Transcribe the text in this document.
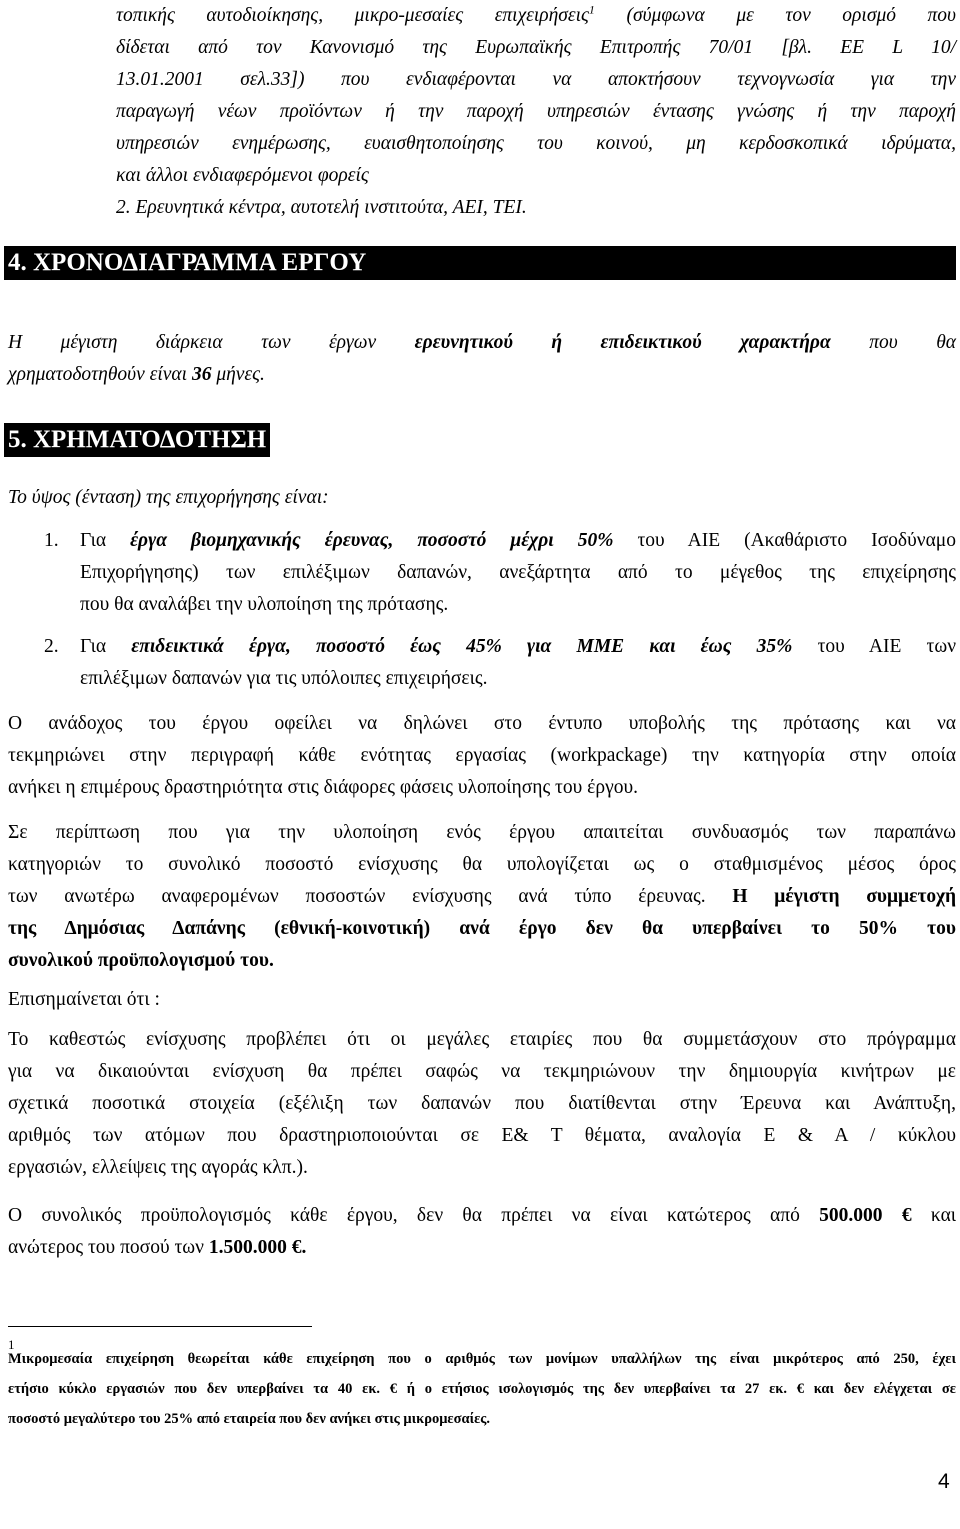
τοπικής αυτοδιοίκησης, μικρο-μεσαίες επιχειρήσεις$^1$ (σύμφωνα με τον ορισμό που
δίδεται από τον Κανονισμό της Ευρωπαϊκής Επιτροπής 70/01 [βλ. ΕΕ L 10/
13.01.2001 σελ.33]) που ενδιαφέρονται να αποκτήσουν τεχνογνωσία για την
παραγωγή νέων προϊόντων ή την παροχή υπηρεσιών έντασης γνώσης ή την παροχή
υπηρεσιών ενημέρωσης, ευαισθητοποίησης του κοινού, μη κερδοσκοπικά ιδρύματα,
και άλλοι ενδιαφερόμενοι φορείς
2. Ερευνητικά κέντρα, αυτοτελή ινστιτούτα, ΑΕΙ, ΤΕΙ.
4. ΧΡΟΝΟΔΙΑΓΡΑΜΜΑ ΕΡΓΟΥ
Η μέγιστη διάρκεια των έργων ερευνητικού ή επιδεικτικού χαρακτήρα που θα
χρηματοδοτηθούν είναι 36 μήνες.
5. ΧΡΗΜΑΤΟΔΟΤΗΣΗ
Το ύψος (ένταση) της επιχορήγησης είναι:
1. Για έργα βιομηχανικής έρευνας, ποσοστό μέχρι 50% του ΑΙΕ (Ακαθάριστο Ισοδύναμο
Επιχορήγησης) των επιλέξιμων δαπανών, ανεξάρτητα από το μέγεθος της επιχείρησης
που θα αναλάβει την υλοποίηση της πρότασης.
2. Για επιδεικτικά έργα, ποσοστό έως 45% για ΜΜΕ και έως 35% του ΑΙΕ των
επιλέξιμων δαπανών για τις υπόλοιπες επιχειρήσεις.
Ο ανάδοχος του έργου οφείλει να δηλώνει στο έντυπο υποβολής της πρότασης και να
τεκμηριώνει στην περιγραφή κάθε ενότητας εργασίας (workpackage) την κατηγορία στην οποία
ανήκει η επιμέρους δραστηριότητα στις διάφορες φάσεις υλοποίησης του έργου.
Σε περίπτωση που για την υλοποίηση ενός έργου απαιτείται συνδυασμός των παραπάνω
κατηγοριών το συνολικό ποσοστό ενίσχυσης θα υπολογίζεται ως ο σταθμισμένος μέσος όρος
των ανωτέρω αναφερομένων ποσοστών ενίσχυσης ανά τύπο έρευνας. Η μέγιστη συμμετοχή
της Δημόσιας Δαπάνης (εθνική-κοινοτική) ανά έργο δεν θα υπερβαίνει το 50% του
συνολικού προϋπολογισμού του.
Επισημαίνεται ότι :
Το καθεστώς ενίσχυσης προβλέπει ότι οι μεγάλες εταιρίες που θα συμμετάσχουν στο πρόγραμμα
για να δικαιούνται ενίσχυση θα πρέπει σαφώς να τεκμηριώνουν την δημιουργία κινήτρων με
σχετικά ποσοτικά στοιχεία (εξέλιξη των δαπανών που διατίθενται στην Έρευνα και Ανάπτυξη,
αριθμός των ατόμων που δραστηριοποιούνται σε Ε& Τ θέματα, αναλογία Ε & Α / κύκλου
εργασιών, ελλείψεις της αγοράς κλπ.).
Ο συνολικός προϋπολογισμός κάθε έργου, δεν θα πρέπει να είναι κατώτερος από 500.000 € και
ανώτερος του ποσού των 1.500.000 €.
1
Μικρομεσαία επιχείρηση θεωρείται κάθε επιχείρηση που ο αριθμός των μονίμων υπαλλήλων της είναι μικρότερος από 250, έχει
ετήσιο κύκλο εργασιών που δεν υπερβαίνει τα 40 εκ. € ή ο ετήσιος ισολογισμός της δεν υπερβαίνει τα 27 εκ. € και δεν ελέγχεται σε
ποσοστό μεγαλύτερο του 25% από εταιρεία που δεν ανήκει στις μικρομεσαίες.
4
